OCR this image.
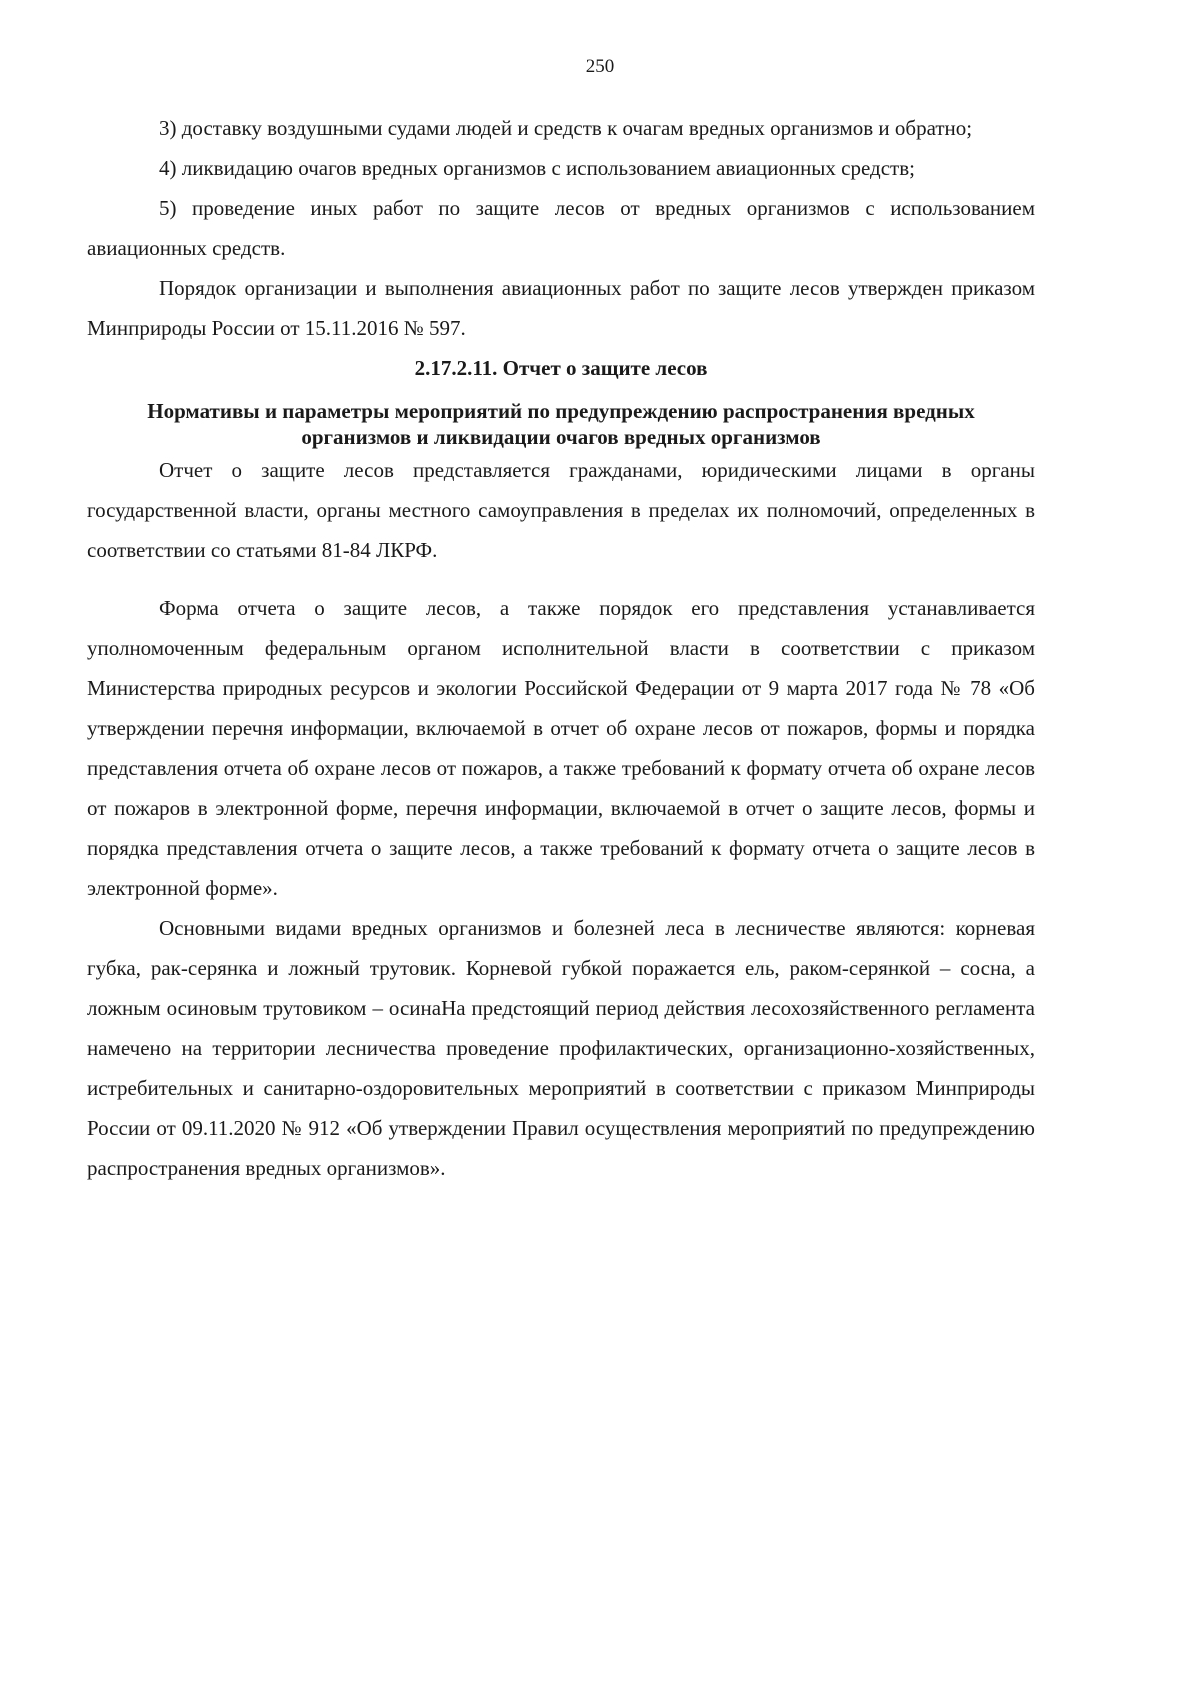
250

3) доставку воздушными судами людей и средств к очагам вредных организмов и обратно;

4) ликвидацию очагов вредных организмов с использованием авиационных средств;

5) проведение иных работ по защите лесов от вредных организмов с использованием авиационных средств.

Порядок организации и выполнения авиационных работ по защите лесов утвержден приказом Минприроды России от 15.11.2016 № 597.

2.17.2.11. Отчет о защите лесов
Нормативы и параметры мероприятий по предупреждению распространения вредных организмов и ликвидации очагов вредных организмов

Отчет о защите лесов представляется гражданами, юридическими лицами в органы государственной власти, органы местного самоуправления в пределах их полномочий, определенных в соответствии со статьями 81-84 ЛКРФ.

Форма отчета о защите лесов, а также порядок его представления устанавливается уполномоченным федеральным органом исполнительной власти в соответствии с приказом Министерства природных ресурсов и экологии Российской Федерации от 9 марта 2017 года № 78 «Об утверждении перечня информации, включаемой в отчет об охране лесов от пожаров, формы и порядка представления отчета об охране лесов от пожаров, а также требований к формату отчета об охране лесов от пожаров в электронной форме, перечня информации, включаемой в отчет о защите лесов, формы и порядка представления отчета о защите лесов, а также требований к формату отчета о защите лесов в электронной форме».

Основными видами вредных организмов и болезней леса в лесничестве являются: корневая губка, рак-серянка и ложный трутовик. Корневой губкой поражается ель, раком-серянкой – сосна, а ложным осиновым трутовиком – осинаНа предстоящий период действия лесохозяйственного регламента намечено на территории лесничества проведение профилактических, организационно-хозяйственных, истребительных и санитарно-оздоровительных мероприятий в соответствии с приказом Минприроды России от 09.11.2020 № 912 «Об утверждении Правил осуществления мероприятий по предупреждению распространения вредных организмов».
